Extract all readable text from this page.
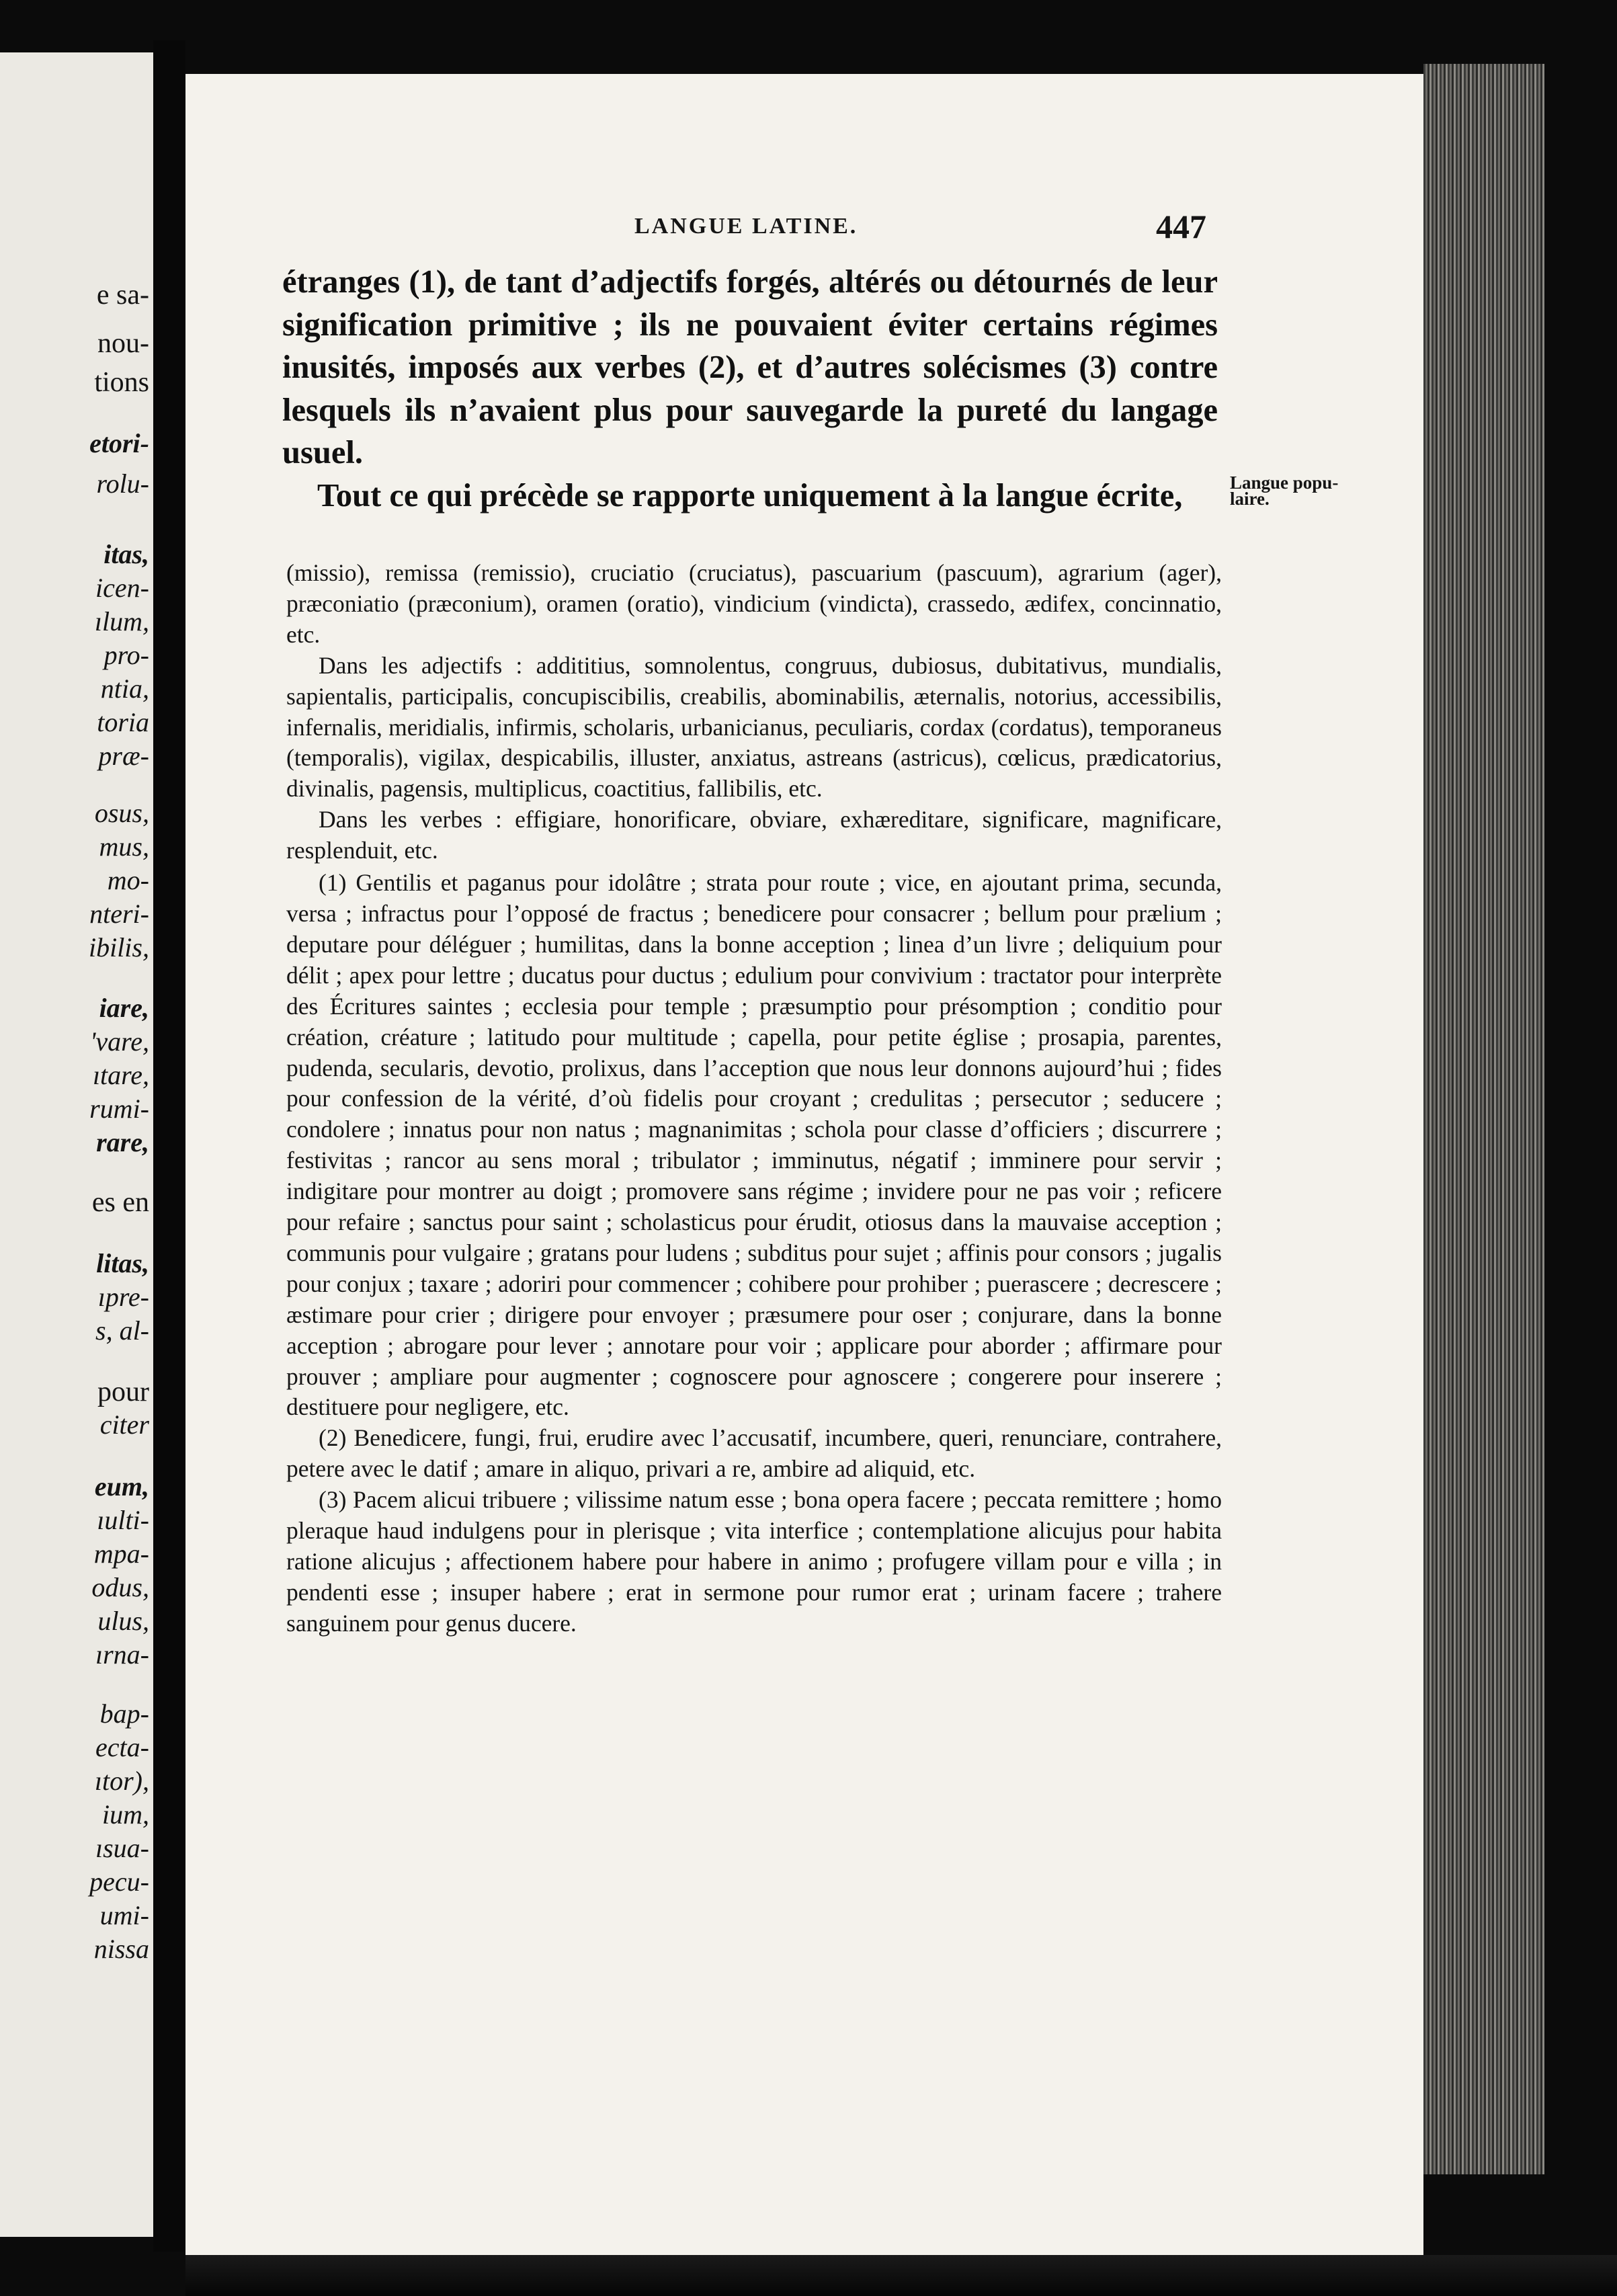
e sa-
nou-
tions
etori-
rolu-
itas,
icen-
ılum,
pro-
ntia,
toria
præ-
osus,
mus,
mo-
nteri-
ibilis,
iare,
'vare,
ıtare,
rumi-
rare,
es en
litas,
ıpre-
s, al-
pour
citer
eum,
ıulti-
mpa-
odus,
ulus,
ırna-
bap-
ecta-
ıtor),
ium,
ısua-
pecu-
umi-
nissa
LANGUE LATINE.	447

étranges (1), de tant d’adjectifs forgés, altérés ou détournés de leur signification primitive ; ils ne pouvaient éviter certains régimes inusités, imposés aux verbes (2), et d’autres solécismes (3) contre lesquels ils n’avaient plus pour sauvegarde la pureté du langage usuel.

Tout ce qui précède se rapporte uniquement à la langue écrite,	Langue popu- laire.

(missio), remissa (remissio), cruciatio (cruciatus), pascuarium (pascuum), agrarium (ager), præconiatio (præconium), oramen (oratio), vindicium (vindicta), crassedo, ædifex, concinnatio, etc.

Dans les adjectifs : addititius, somnolentus, congruus, dubiosus, dubitativus, mundialis, sapientalis, participalis, concupiscibilis, creabilis, abominabilis, æternalis, notorius, accessibilis, infernalis, meridialis, infirmis, scholaris, urbanicianus, peculiaris, cordax (cordatus), temporaneus (temporalis), vigilax, despicabilis, illuster, anxiatus, astreans (astricus), cœlicus, prædicatorius, divinalis, pagensis, multiplicus, coactitius, fallibilis, etc.

Dans les verbes : effigiare, honorificare, obviare, exhæreditare, significare, magnificare, resplenduit, etc.

(1) Gentilis et paganus pour idolâtre ; strata pour route ; vice, en ajoutant prima, secunda, versa ; infractus pour l’opposé de fractus ; benedicere pour consacrer ; bellum pour prælium ; deputare pour déléguer ; humilitas, dans la bonne acception ; linea d’un livre ; deliquium pour délit ; apex pour lettre ; ducatus pour ductus ; edulium pour convivium : tractator pour interprète des Écritures saintes ; ecclesia pour temple ; præsumptio pour présomption ; conditio pour création, créature ; latitudo pour multitude ; capella, pour petite église ; prosapia, parentes, pudenda, secularis, devotio, prolixus, dans l’acception que nous leur donnons aujourd’hui ; fides pour confession de la vérité, d’où fidelis pour croyant ; credulitas ; persecutor ; seducere ; condolere ; innatus pour non natus ; magnanimitas ; schola pour classe d’officiers ; discurrere ; festivitas ; rancor au sens moral ; tribulator ; imminutus, négatif ; imminere pour servir ; indigitare pour montrer au doigt ; promovere sans régime ; invidere pour ne pas voir ; reficere pour refaire ; sanctus pour saint ; scholasticus pour érudit, otiosus dans la mauvaise acception ; communis pour vulgaire ; gratans pour ludens ; subditus pour sujet ; affinis pour consors ; jugalis pour conjux ; taxare ; adoriri pour commencer ; cohibere pour prohiber ; puerascere ; decrescere ; æstimare pour crier ; dirigere pour envoyer ; præsumere pour oser ; conjurare, dans la bonne acception ; abrogare pour lever ; annotare pour voir ; applicare pour aborder ; affirmare pour prouver ; ampliare pour augmenter ; cognoscere pour agnoscere ; congerere pour inserere ; destituere pour negligere, etc.

(2) Benedicere, fungi, frui, erudire avec l’accusatif, incumbere, queri, renunciare, contrahere, petere avec le datif ; amare in aliquo, privari a re, ambire ad aliquid, etc.

(3) Pacem alicui tribuere ; vilissime natum esse ; bona opera facere ; peccata remittere ; homo pleraque haud indulgens pour in plerisque ; vita interfice ; contemplatione alicujus pour habita ratione alicujus ; affectionem habere pour habere in animo ; profugere villam pour e villa ; in pendenti esse ; insuper habere ; erat in sermone pour rumor erat ; urinam facere ; trahere sanguinem pour genus ducere.
